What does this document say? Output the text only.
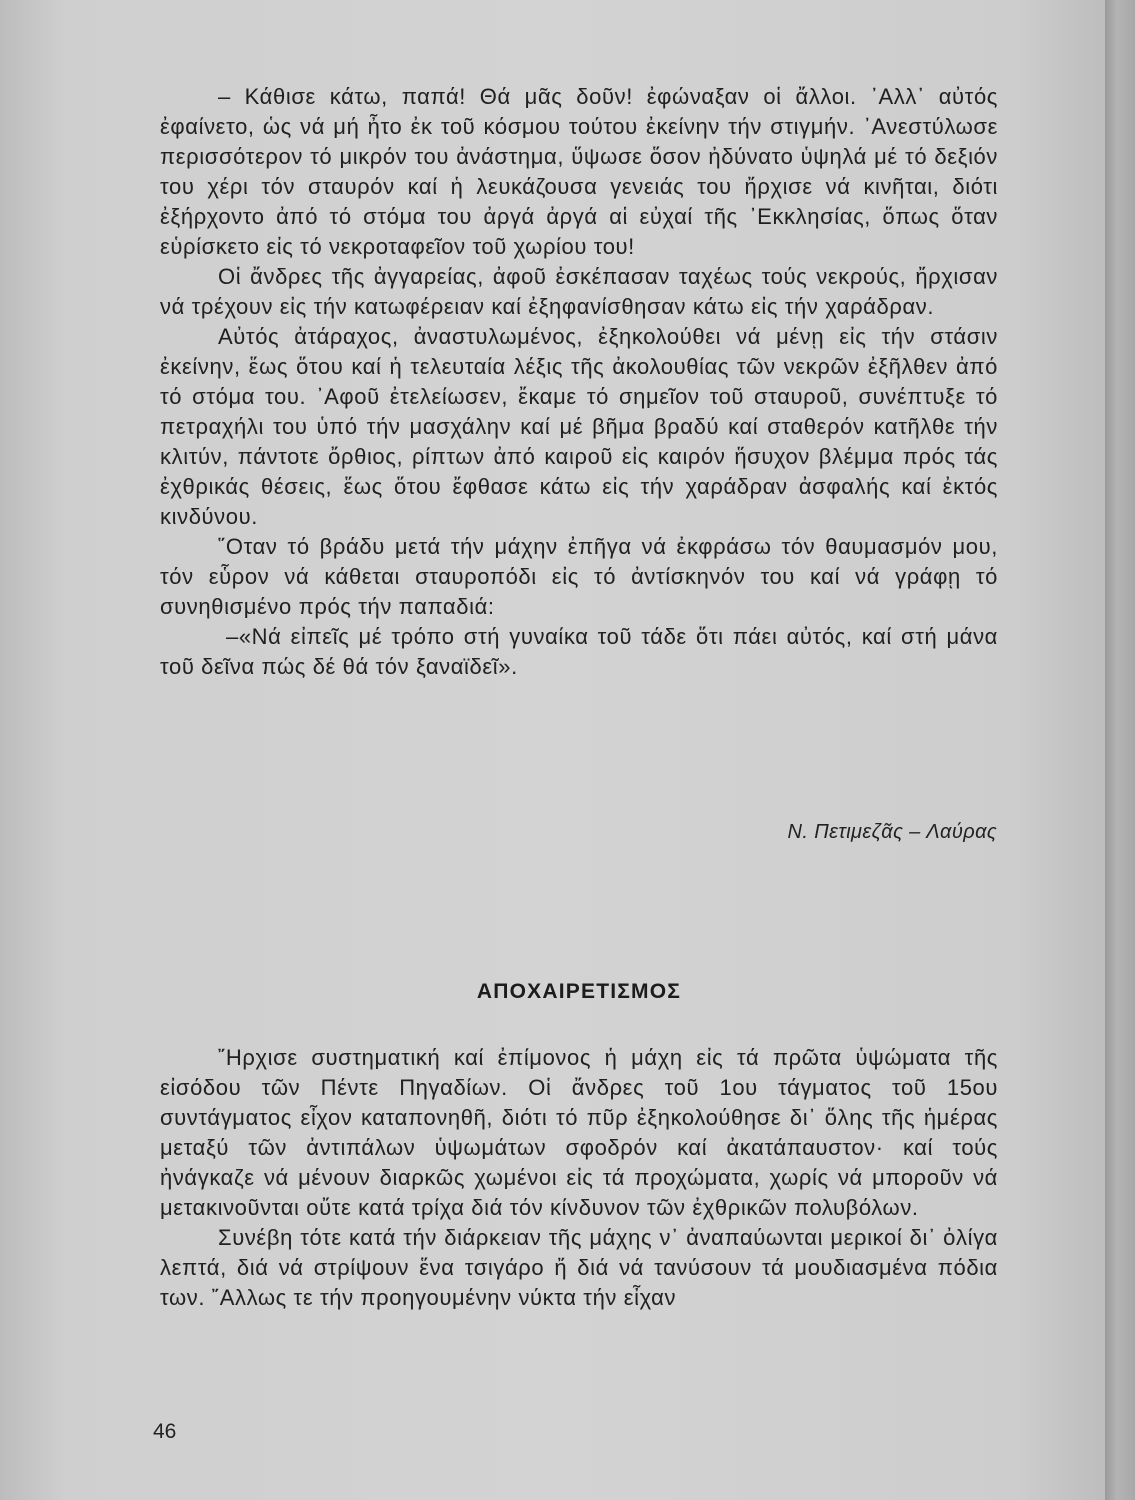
– Κάθισε κάτω, παπά! Θά μᾶς δοῦν! ἐφώναξαν οἱ ἄλλοι. ᾿Αλλ᾿ αὐτός ἐφαίνετο, ὡς νά μή ἦτο ἐκ τοῦ κόσμου τούτου ἐκείνην τήν στιγμήν. ᾿Ανεστύλωσε περισσότερον τό μικρόν του ἀνάστημα, ὕψωσε ὅσον ἠδύνατο ὑψηλά μέ τό δεξιόν του χέρι τόν σταυρόν καί ἡ λευκάζουσα γενειάς του ἤρχισε νά κινῆται, διότι ἐξήρχοντο ἀπό τό στόμα του ἀργά ἀργά αἱ εὐχαί τῆς ᾿Εκκλησίας, ὅπως ὅταν εὑρίσκετο εἰς τό νεκροταφεῖον τοῦ χωρίου του!

Οἱ ἄνδρες τῆς ἀγγαρείας, ἀφοῦ ἐσκέπασαν ταχέως τούς νεκρούς, ἤρχισαν νά τρέχουν εἰς τήν κατωφέρειαν καί ἐξηφανίσθησαν κάτω εἰς τήν χαράδραν.

Αὐτός ἀτάραχος, ἀναστυλωμένος, ἐξηκολούθει νά μένῃ εἰς τήν στάσιν ἐκείνην, ἕως ὅτου καί ἡ τελευταία λέξις τῆς ἀκολουθίας τῶν νεκρῶν ἐξῆλθεν ἀπό τό στόμα του. ᾿Αφοῦ ἐτελείωσεν, ἔκαμε τό σημεῖον τοῦ σταυροῦ, συνέπτυξε τό πετραχήλι του ὑπό τήν μασχάλην καί μέ βῆμα βραδύ καί σταθερόν κατῆλθε τήν κλιτύν, πάντοτε ὄρθιος, ρίπτων ἀπό καιροῦ εἰς καιρόν ἥσυχον βλέμμα πρός τάς ἐχθρικάς θέσεις, ἕως ὅτου ἔφθασε κάτω εἰς τήν χαράδραν ἀσφαλής καί ἐκτός κινδύνου.

῞Οταν τό βράδυ μετά τήν μάχην ἐπῆγα νά ἐκφράσω τόν θαυμασμόν μου, τόν εὗρον νά κάθεται σταυροπόδι εἰς τό ἀντίσκηνόν του καί νά γράφῃ τό συνηθισμένο πρός τήν παπαδιά:

–«Νά εἰπεῖς μέ τρόπο στή γυναίκα τοῦ τάδε ὅτι πάει αὐτός, καί στή μάνα τοῦ δεῖνα πώς δέ θά τόν ξαναϊδεῖ».

Ν. Πετιμεζᾶς – Λαύρας
ΑΠΟΧΑΙΡΕΤΙΣΜΟΣ

῎Ηρχισε συστηματική καί ἐπίμονος ἡ μάχη εἰς τά πρῶτα ὑψώματα τῆς εἰσόδου τῶν Πέντε Πηγαδίων. Οἱ ἄνδρες τοῦ 1ου τάγματος τοῦ 15ου συντάγματος εἶχον καταπονηθῆ, διότι τό πῦρ ἐξηκολούθησε δι᾿ ὅλης τῆς ἡμέρας μεταξύ τῶν ἀντιπάλων ὑψωμάτων σφοδρόν καί ἀκατάπαυστον· καί τούς ἠνάγκαζε νά μένουν διαρκῶς χωμένοι εἰς τά προχώματα, χωρίς νά μποροῦν νά μετακινοῦνται οὔτε κατά τρίχα διά τόν κίνδυνον τῶν ἐχθρικῶν πολυβόλων.

Συνέβη τότε κατά τήν διάρκειαν τῆς μάχης ν᾿ ἀναπαύωνται μερικοί δι᾿ ὀλίγα λεπτά, διά νά στρίψουν ἕνα τσιγάρο ἤ διά νά τανύσουν τά μουδιασμένα πόδια των. ῎Αλλως τε τήν προηγουμένην νύκτα τήν εἶχαν

46
